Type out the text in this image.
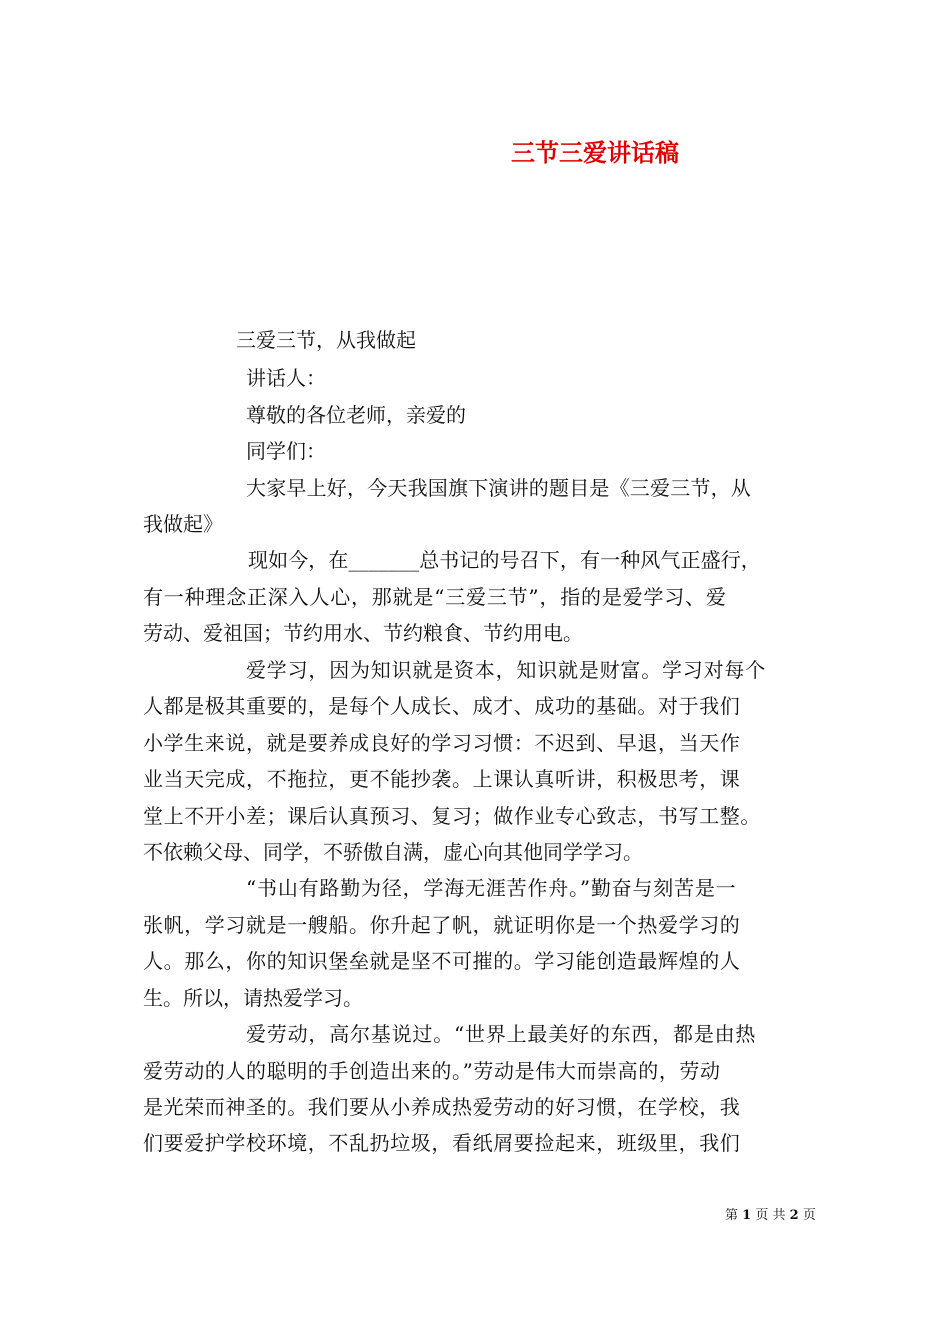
三节三爱讲话稿
三爱三节，从我做起
讲话人：
尊敬的各位老师，亲爱的
同学们：
大家早上好，今天我国旗下演讲的题目是《三爱三节，从
我做起》
现如今，在_______总书记的号召下，有一种风气正盛行，
有一种理念正深入人心，那就是“三爱三节”，指的是爱学习、爱
劳动、爱祖国；节约用水、节约粮食、节约用电。
爱学习，因为知识就是资本，知识就是财富。学习对每个
人都是极其重要的，是每个人成长、成才、成功的基础。对于我们
小学生来说，就是要养成良好的学习习惯：不迟到、早退，当天作
业当天完成，不拖拉，更不能抄袭。上课认真听讲，积极思考，课
堂上不开小差；课后认真预习、复习；做作业专心致志，书写工整。
不依赖父母、同学，不骄傲自满，虚心向其他同学学习。
“书山有路勤为径，学海无涯苦作舟。”勤奋与刻苦是一
张帆，学习就是一艘船。你升起了帆，就证明你是一个热爱学习的
人。那么，你的知识堡垒就是坚不可摧的。学习能创造最辉煌的人
生。所以，请热爱学习。
爱劳动，高尔基说过。“世界上最美好的东西，都是由热
爱劳动的人的聪明的手创造出来的。”劳动是伟大而崇高的，劳动
是光荣而神圣的。我们要从小养成热爱劳动的好习惯，在学校，我
们要爱护学校环境，不乱扔垃圾，看纸屑要捡起来，班级里，我们
第 1 页 共 2 页
